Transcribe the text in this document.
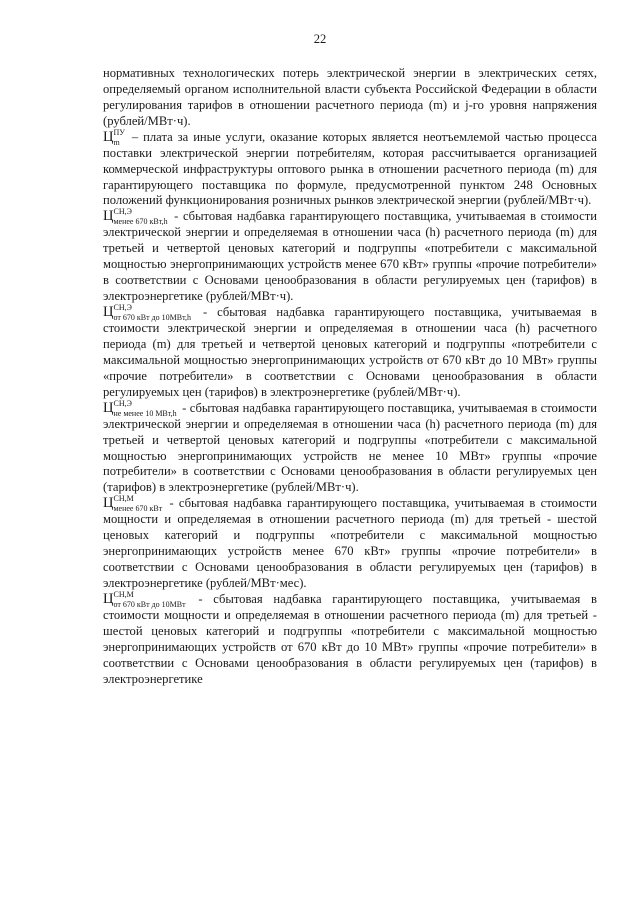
22

нормативных технологических потерь электрической энергии в электрических сетях, определяемый органом исполнительной власти субъекта Российской Федерации в области регулирования тарифов в отношении расчетного периода (m) и j-го уровня напряжения (рублей/МВт·ч).

Ц ПУ
m – плата за иные услуги, оказание которых является неотъемлемой частью процесса поставки электрической энергии потребителям, которая рассчитывается организацией коммерческой инфраструктуры оптового рынка в отношении расчетного периода (m) для гарантирующего поставщика по формуле, предусмотренной пунктом 248 Основных положений функционирования розничных рынков электрической энергии (рублей/МВт·ч).

Ц СН,Э
менее 670 кВт,h - сбытовая надбавка гарантирующего поставщика, учитываемая в стоимости электрической энергии и определяемая в отношении часа (h) расчетного периода (m) для третьей и четвертой ценовых категорий и подгруппы «потребители с максимальной мощностью энергопринимающих устройств менее 670 кВт» группы «прочие потребители» в соответствии с Основами ценообразования в области регулируемых цен (тарифов) в электроэнергетике (рублей/МВт·ч).

Ц СН,Э
от 670 кВт до 10МВт,h - сбытовая надбавка гарантирующего поставщика, учитываемая в стоимости электрической энергии и определяемая в отношении часа (h) расчетного периода (m) для третьей и четвертой ценовых категорий и подгруппы «потребители с максимальной мощностью энергопринимающих устройств от 670 кВт до 10 МВт» группы «прочие потребители» в соответствии с Основами ценообразования в области регулируемых цен (тарифов) в электроэнергетике (рублей/МВт·ч).

Ц СН,Э
не менее 10 МВт,h - сбытовая надбавка гарантирующего поставщика, учитываемая в стоимости электрической энергии и определяемая в отношении часа (h) расчетного периода (m) для третьей и четвертой ценовых категорий и подгруппы «потребители с максимальной мощностью энергопринимающих устройств не менее 10 МВт» группы «прочие потребители» в соответствии с Основами ценообразования в области регулируемых цен (тарифов) в электроэнергетике (рублей/МВт·ч).

Ц СН,М
менее 670 кВт - сбытовая надбавка гарантирующего поставщика, учитываемая в стоимости мощности и определяемая в отношении расчетного периода (m) для третьей - шестой ценовых категорий и подгруппы «потребители с максимальной мощностью энергопринимающих устройств менее 670 кВт» группы «прочие потребители» в соответствии с Основами ценообразования в области регулируемых цен (тарифов) в электроэнергетике (рублей/МВт·мес).

Ц СН,М
от 670 кВт до 10МВт - сбытовая надбавка гарантирующего поставщика, учитываемая в стоимости мощности и определяемая в отношении расчетного периода (m) для третьей - шестой ценовых категорий и подгруппы «потребители с максимальной мощностью энергопринимающих устройств от 670 кВт до 10 МВт» группы «прочие потребители» в соответствии с Основами ценообразования в области регулируемых цен (тарифов) в электроэнергетике
